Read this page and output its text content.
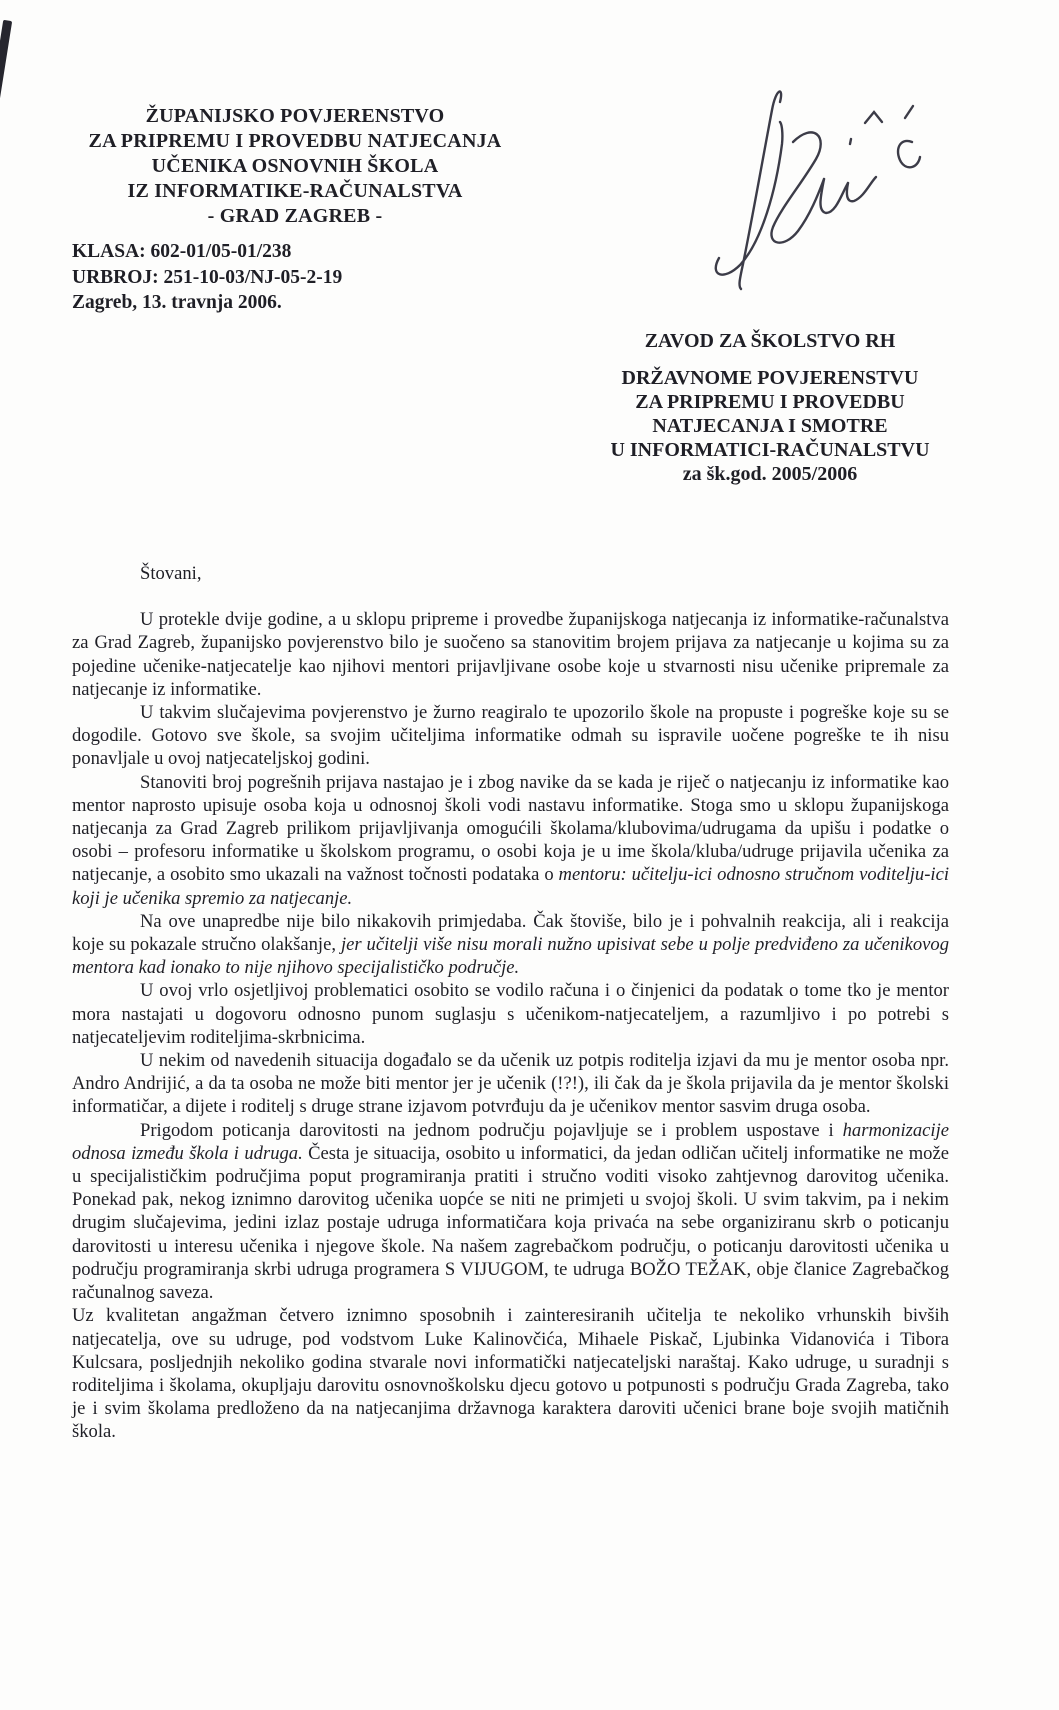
ŽUPANIJSKO POVJERENSTVO
ZA PRIPREMU I PROVEDBU NATJECANJA
UČENIKA OSNOVNIH ŠKOLA
IZ INFORMATIKE-RAČUNALSTVA
- GRAD ZAGREB -
KLASA: 602-01/05-01/238
URBROJ: 251-10-03/NJ-05-2-19
Zagreb, 13. travnja 2006.
ZAVOD ZA ŠKOLSTVO RH
DRŽAVNOME POVJERENSTVU
ZA PRIPREMU I PROVEDBU
NATJECANJA I SMOTRE
U INFORMATICI-RAČUNALSTVU
za šk.god. 2005/2006
Štovani,

U protekle dvije godine, a u sklopu pripreme i provedbe županijskoga natjecanja iz informatike-računalstva za Grad Zagreb, županijsko povjerenstvo bilo je suočeno sa stanovitim brojem prijava za natjecanje u kojima su za pojedine učenike-natjecatelje kao njihovi mentori prijavljivane osobe koje u stvarnosti nisu učenike pripremale za natjecanje iz informatike.

U takvim slučajevima povjerenstvo je žurno reagiralo te upozorilo škole na propuste i pogreške koje su se dogodile. Gotovo sve škole, sa svojim učiteljima informatike odmah su ispravile uočene pogreške te ih nisu ponavljale u ovoj natjecateljskoj godini.

Stanoviti broj pogrešnih prijava nastajao je i zbog navike da se kada je riječ o natjecanju iz informatike kao mentor naprosto upisuje osoba koja u odnosnoj školi vodi nastavu informatike. Stoga smo u sklopu županijskoga natjecanja za Grad Zagreb prilikom prijavljivanja omogućili školama/klubovima/udrugama da upišu i podatke o osobi – profesoru informatike u školskom programu, o osobi koja je u ime škola/kluba/udruge prijavila učenika za natjecanje, a osobito smo ukazali na važnost točnosti podataka o mentoru: učitelju-ici odnosno stručnom voditelju-ici koji je učenika spremio za natjecanje.

Na ove unapredbe nije bilo nikakovih primjedaba. Čak štoviše, bilo je i pohvalnih reakcija, ali i reakcija koje su pokazale stručno olakšanje, jer učitelji više nisu morali nužno upisivat sebe u polje predviđeno za učenikovog mentora kad ionako to nije njihovo specijalističko područje.

U ovoj vrlo osjetljivoj problematici osobito se vodilo računa i o činjenici da podatak o tome tko je mentor mora nastajati u dogovoru odnosno punom suglasju s učenikom-natjecateljem, a razumljivo i po potrebi s natjecateljevim roditeljima-skrbnicima.

U nekim od navedenih situacija događalo se da učenik uz potpis roditelja izjavi da mu je mentor osoba npr. Andro Andrijić, a da ta osoba ne može biti mentor jer je učenik (!?!), ili čak da je škola prijavila da je mentor školski informatičar, a dijete i roditelj s druge strane izjavom potvrđuju da je učenikov mentor sasvim druga osoba.

Prigodom poticanja darovitosti na jednom području pojavljuje se i problem uspostave i harmonizacije odnosa između škola i udruga. Česta je situacija, osobito u informatici, da jedan odličan učitelj informatike ne može u specijalističkim područjima poput programiranja pratiti i stručno voditi visoko zahtjevnog darovitog učenika. Ponekad pak, nekog iznimno darovitog učenika uopće se niti ne primjeti u svojoj školi. U svim takvim, pa i nekim drugim slučajevima, jedini izlaz postaje udruga informatičara koja privaća na sebe organiziranu skrb o poticanju darovitosti u interesu učenika i njegove škole. Na našem zagrebačkom području, o poticanju darovitosti učenika u području programiranja skrbi udruga programera S VIJUGOM, te udruga BOŽO TEŽAK, obje članice Zagrebačkog računalnog saveza.

Uz kvalitetan angažman četvero iznimno sposobnih i zainteresiranih učitelja te nekoliko vrhunskih bivših natjecatelja, ove su udruge, pod vodstvom Luke Kalinovčića, Mihaele Piskač, Ljubinka Vidanovića i Tibora Kulcsara, posljednjih nekoliko godina stvarale novi informatički natjecateljski naraštaj. Kako udruge, u suradnji s roditeljima i školama, okupljaju darovitu osnovnoškolsku djecu gotovo u potpunosti s području Grada Zagreba, tako je i svim školama predloženo da na natjecanjima državnoga karaktera daroviti učenici brane boje svojih matičnih škola.
